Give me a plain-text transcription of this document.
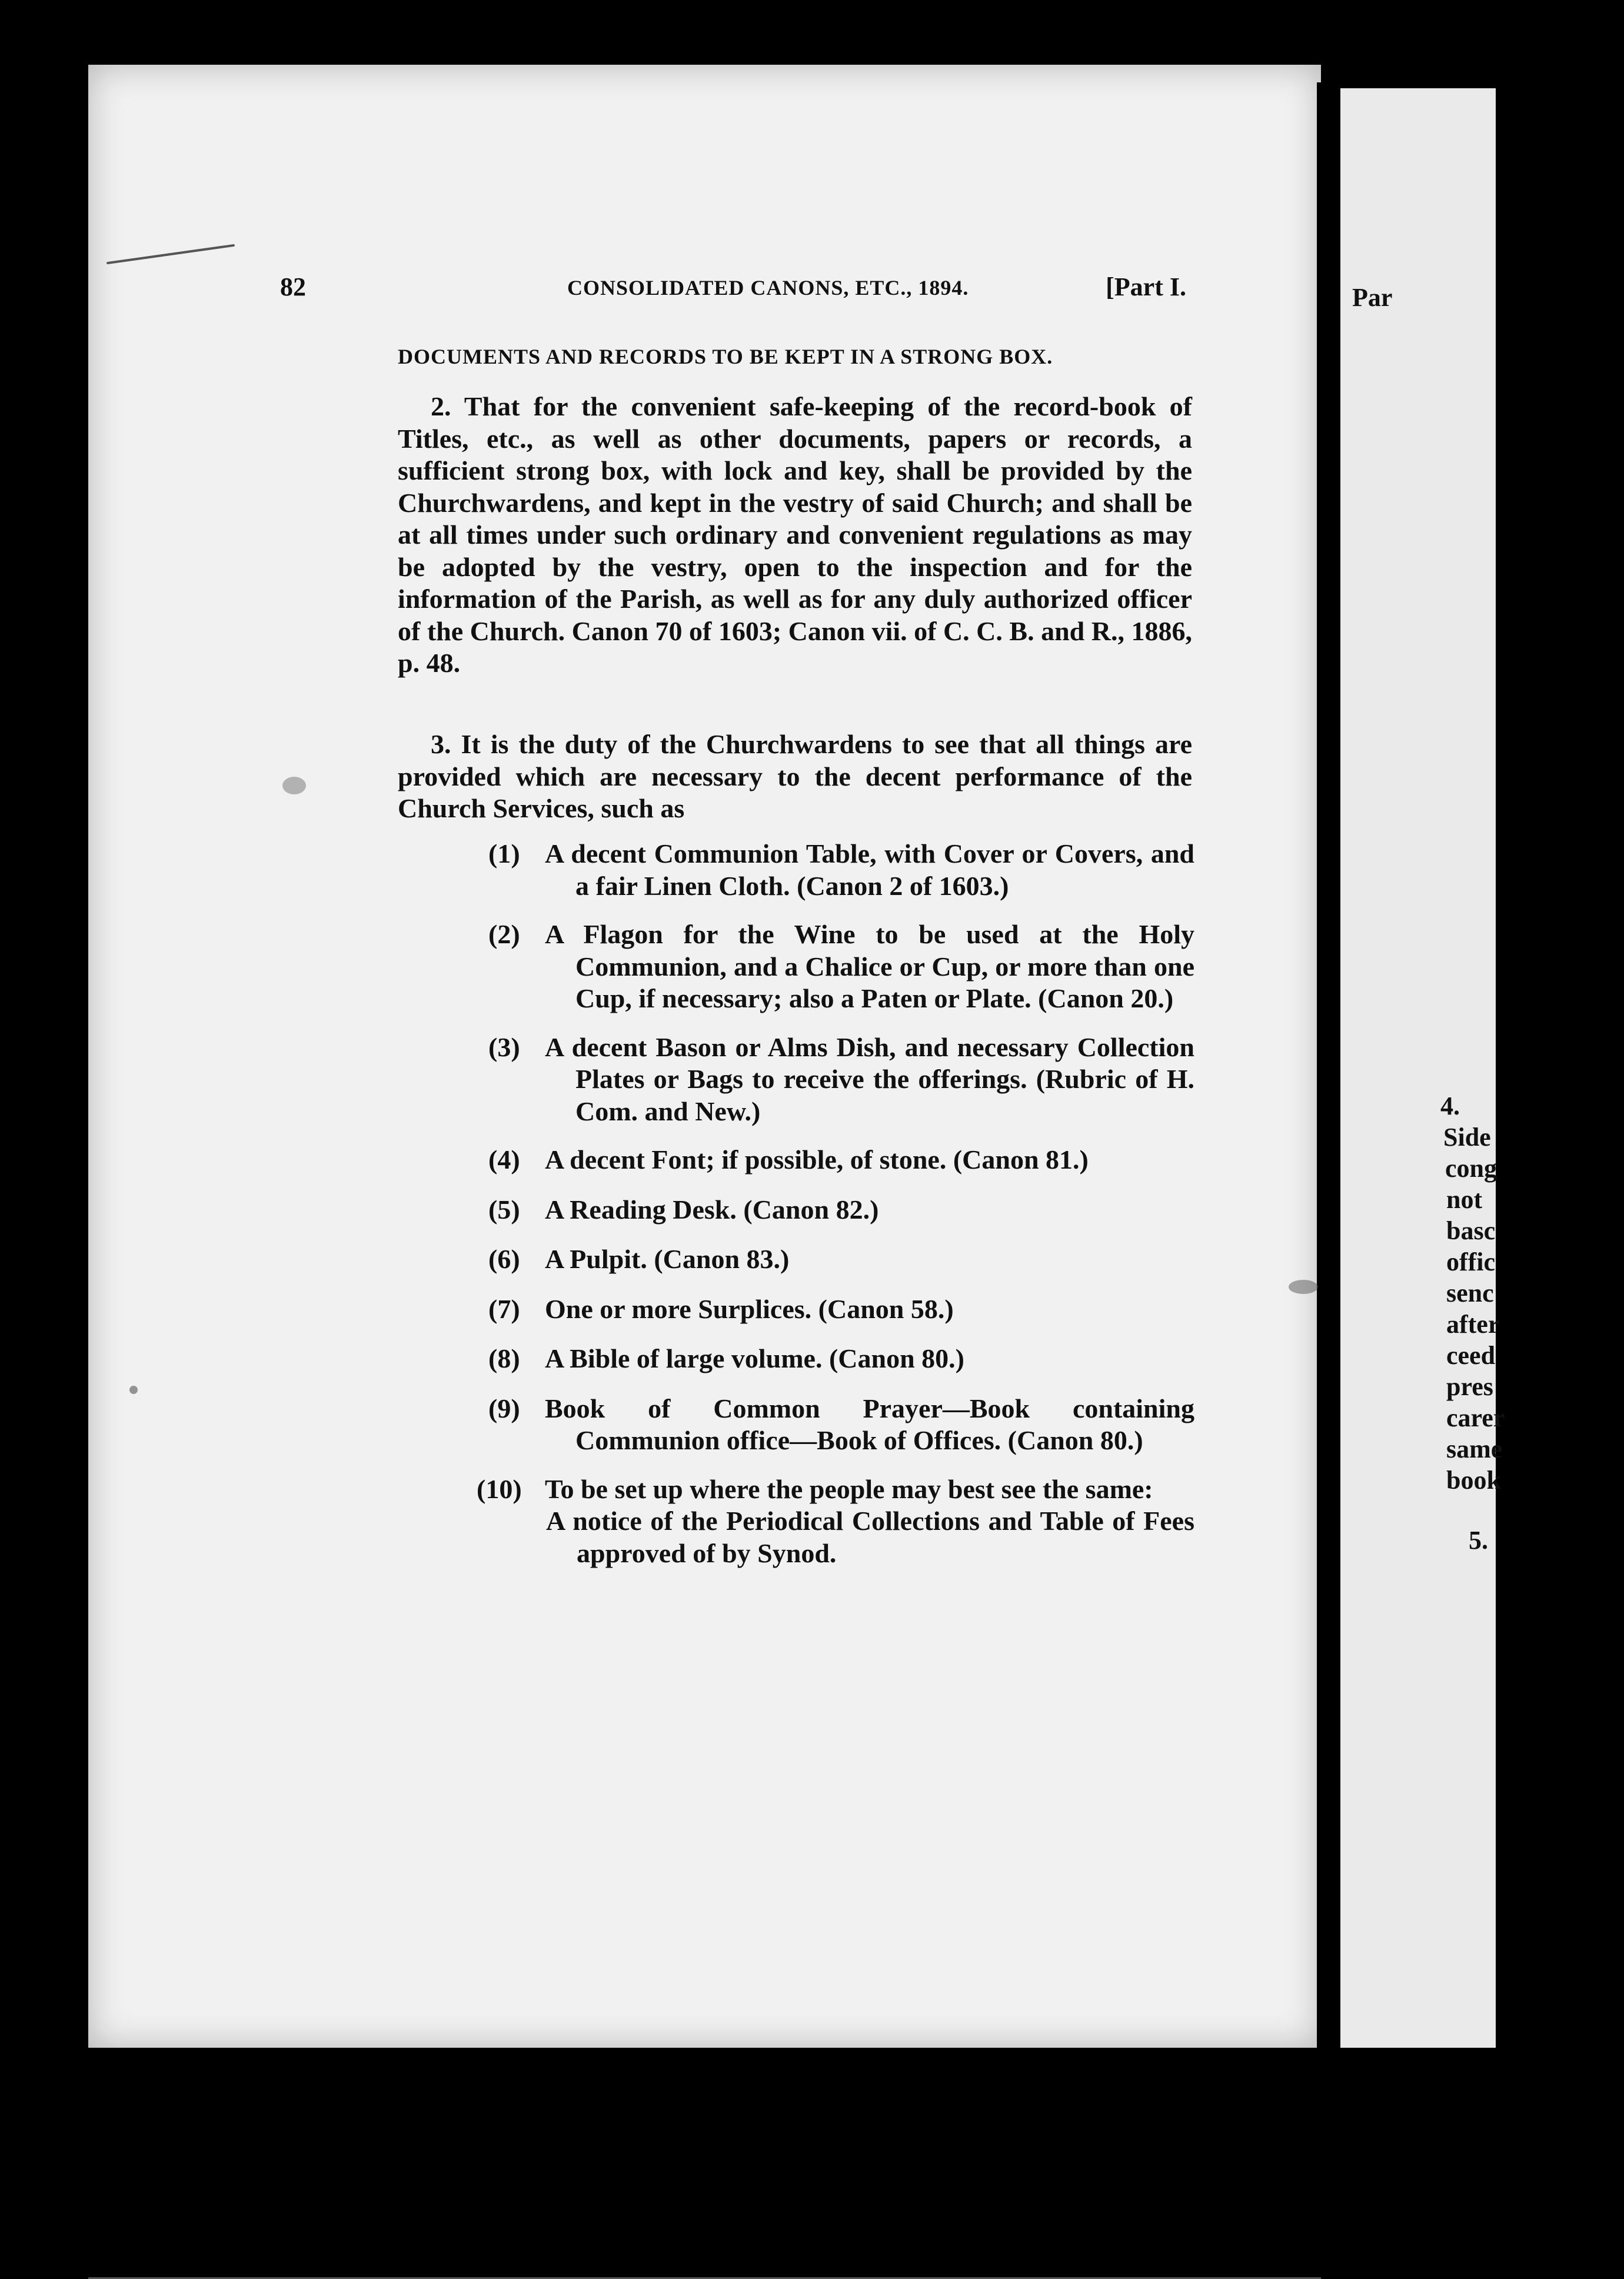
Par
4.
Side
cong
not
basc
offic
senc
after
ceed
pres
carer
same
book
5.
82	CONSOLIDATED CANONS, ETC., 1894.	[Part I.
DOCUMENTS AND RECORDS TO BE KEPT IN A STRONG BOX.
2. That for the convenient safe-keeping of the record-book of Titles, etc., as well as other documents, papers or records, a sufficient strong box, with lock and key, shall be provided by the Churchwardens, and kept in the vestry of said Church; and shall be at all times under such ordinary and convenient regulations as may be adopted by the vestry, open to the inspection and for the information of the Parish, as well as for any duly authorized officer of the Church. Canon 70 of 1603; Canon vii. of C. C. B. and R., 1886, p. 48.
3. It is the duty of the Churchwardens to see that all things are provided which are necessary to the decent performance of the Church Services, such as
(1) A decent Communion Table, with Cover or Covers, and a fair Linen Cloth. (Canon 2 of 1603.)
(2) A Flagon for the Wine to be used at the Holy Communion, and a Chalice or Cup, or more than one Cup, if necessary; also a Paten or Plate. (Canon 20.)
(3) A decent Bason or Alms Dish, and necessary Collection Plates or Bags to receive the offerings. (Rubric of H. Com. and New.)
(4) A decent Font; if possible, of stone. (Canon 81.)
(5) A Reading Desk. (Canon 82.)
(6) A Pulpit. (Canon 83.)
(7) One or more Surplices. (Canon 58.)
(8) A Bible of large volume. (Canon 80.)
(9) Book of Common Prayer—Book containing Communion office—Book of Offices. (Canon 80.)
(10) To be set up where the people may best see the same:
A notice of the Periodical Collections and Table of Fees approved of by Synod.
